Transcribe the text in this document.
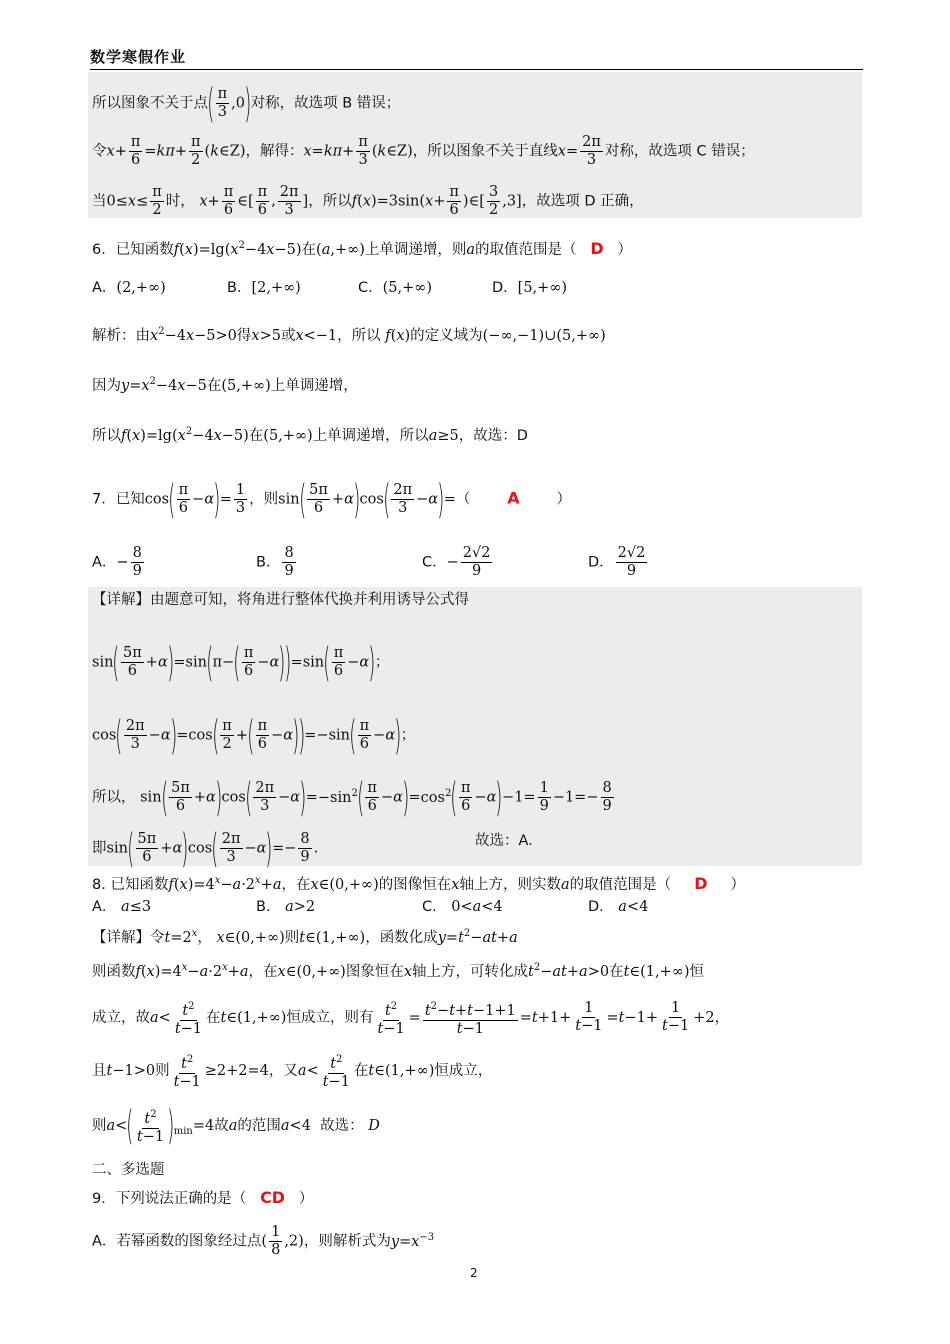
数学寒假作业
所以图象不关于点( $\frac{\pi}{3} ,0$)对称，故选项 B 错误；
令$x+ \frac{\pi}{6} =k\pi+ \frac{\pi}{2}$ (k∈Z)，解得：$x=k\pi+ \frac{\pi}{3}$ (k∈Z)，所以图象不关于直线$x= \frac{2\pi}{3}$ 对称，故选项 C 错误；
当$0\le x\le \frac{\pi}{2}$ 时， $x+ \frac{\pi}{6}$ ∈[ $\frac{\pi}{6}$ , $\frac{2\pi}{3}$ ]，所以$f(x)=3\sin(x+ \frac{\pi}{6}$ )∈[ $\frac{3}{2} ,3$]，故选项 D 正确，
6．已知函数$f(x)=\lg(x^2-4x-5)$在(a,+∞)上单调递增，则a的取值范围是（ D ）
A．(2,+∞)	B．[2,+∞)	C．(5,+∞)	D．[5,+∞)
解析：由$x^2-4x-5>0$得x>5或x<−1，所以 f(x)的定义域为(−∞,−1)∪(5,+∞)
因为$y=x^2-4x-5$在(5,+∞)上单调递增，
所以$f(x)=\lg(x^2-4x-5)$在(5,+∞)上单调递增，所以a≥5，故选：D
7．已知$\cos( \frac{\pi}{6} -\alpha)= \frac{1}{3}$ ，则$\sin( \frac{5\pi}{6} +\alpha)\cos( \frac{2\pi}{3} -\alpha)=$（ A	）
A．− $\frac{8}{9}$	B． $\frac{8}{9}$	C．− $\frac{2√2}{9}$	D． $\frac{2√2}{9}$
【详解】由题意可知，将角进行整体代换并利用诱导公式得
$\sin( \frac{5\pi}{6} +\alpha)=\sin(\pi-( \frac{\pi}{6} -\alpha))=\sin( \frac{\pi}{6} -\alpha)$；
$\cos( \frac{2\pi}{3} -\alpha)=\cos( \frac{\pi}{2}$ +( $\frac{\pi}{6} -\alpha))=-\sin( \frac{\pi}{6} -\alpha)$；
所以， $\sin( \frac{5\pi}{6} +\alpha)\cos( \frac{2\pi}{3} -\alpha)=-\sin^2( \frac{\pi}{6} -\alpha)=\cos^2( \frac{\pi}{6} -\alpha)-1= \frac{1}{9} -1=- \frac{8}{9}$
即$\sin( \frac{5\pi}{6} +\alpha)\cos( \frac{2\pi}{3} -\alpha)=- \frac{8}{9}$ .	故选：A.
8. 已知函数$f(x)=4^x-a\cdot 2^x+a$，在x∈(0,+∞)的图像恒在x轴上方，则实数a的取值范围是（ D ）
A． a≤3	B． a>2	C． 0<a<4	D． a<4
【详解】令$t=2^x$， x∈(0,+∞)则t∈(1,+∞)，函数化成$y=t^2-at+a$
则函数$f(x)=4^x-a\cdot 2^x+a$，在x∈(0,+∞)图象恒在x轴上方，可转化成$t^2-at+a>0$在t∈(1,+∞)恒
成立，故$a< \frac{t^2}{t-1}$ 在t∈(1,+∞)恒成立，则有 $\frac{t^2}{t-1} = \frac{t^2-t+t-1+1}{t-1} =t+1+ \frac{1}{t-1} =t-1+ \frac{1}{t-1} +2$，
且t−1>0则 $\frac{t^2}{t-1} \ge 2+2=4$，又$a< \frac{t^2}{t-1}$ 在t∈(1,+∞)恒成立，
则$a<( \frac{t^2}{t-1} )_{min}=4$故a的范围a<4 故选： D
二、多选题
9．下列说法正确的是（ CD ）
A．若幂函数的图象经过点( $\frac{1}{8} ,2$)，则解析式为$y=x^{-3}$
2
